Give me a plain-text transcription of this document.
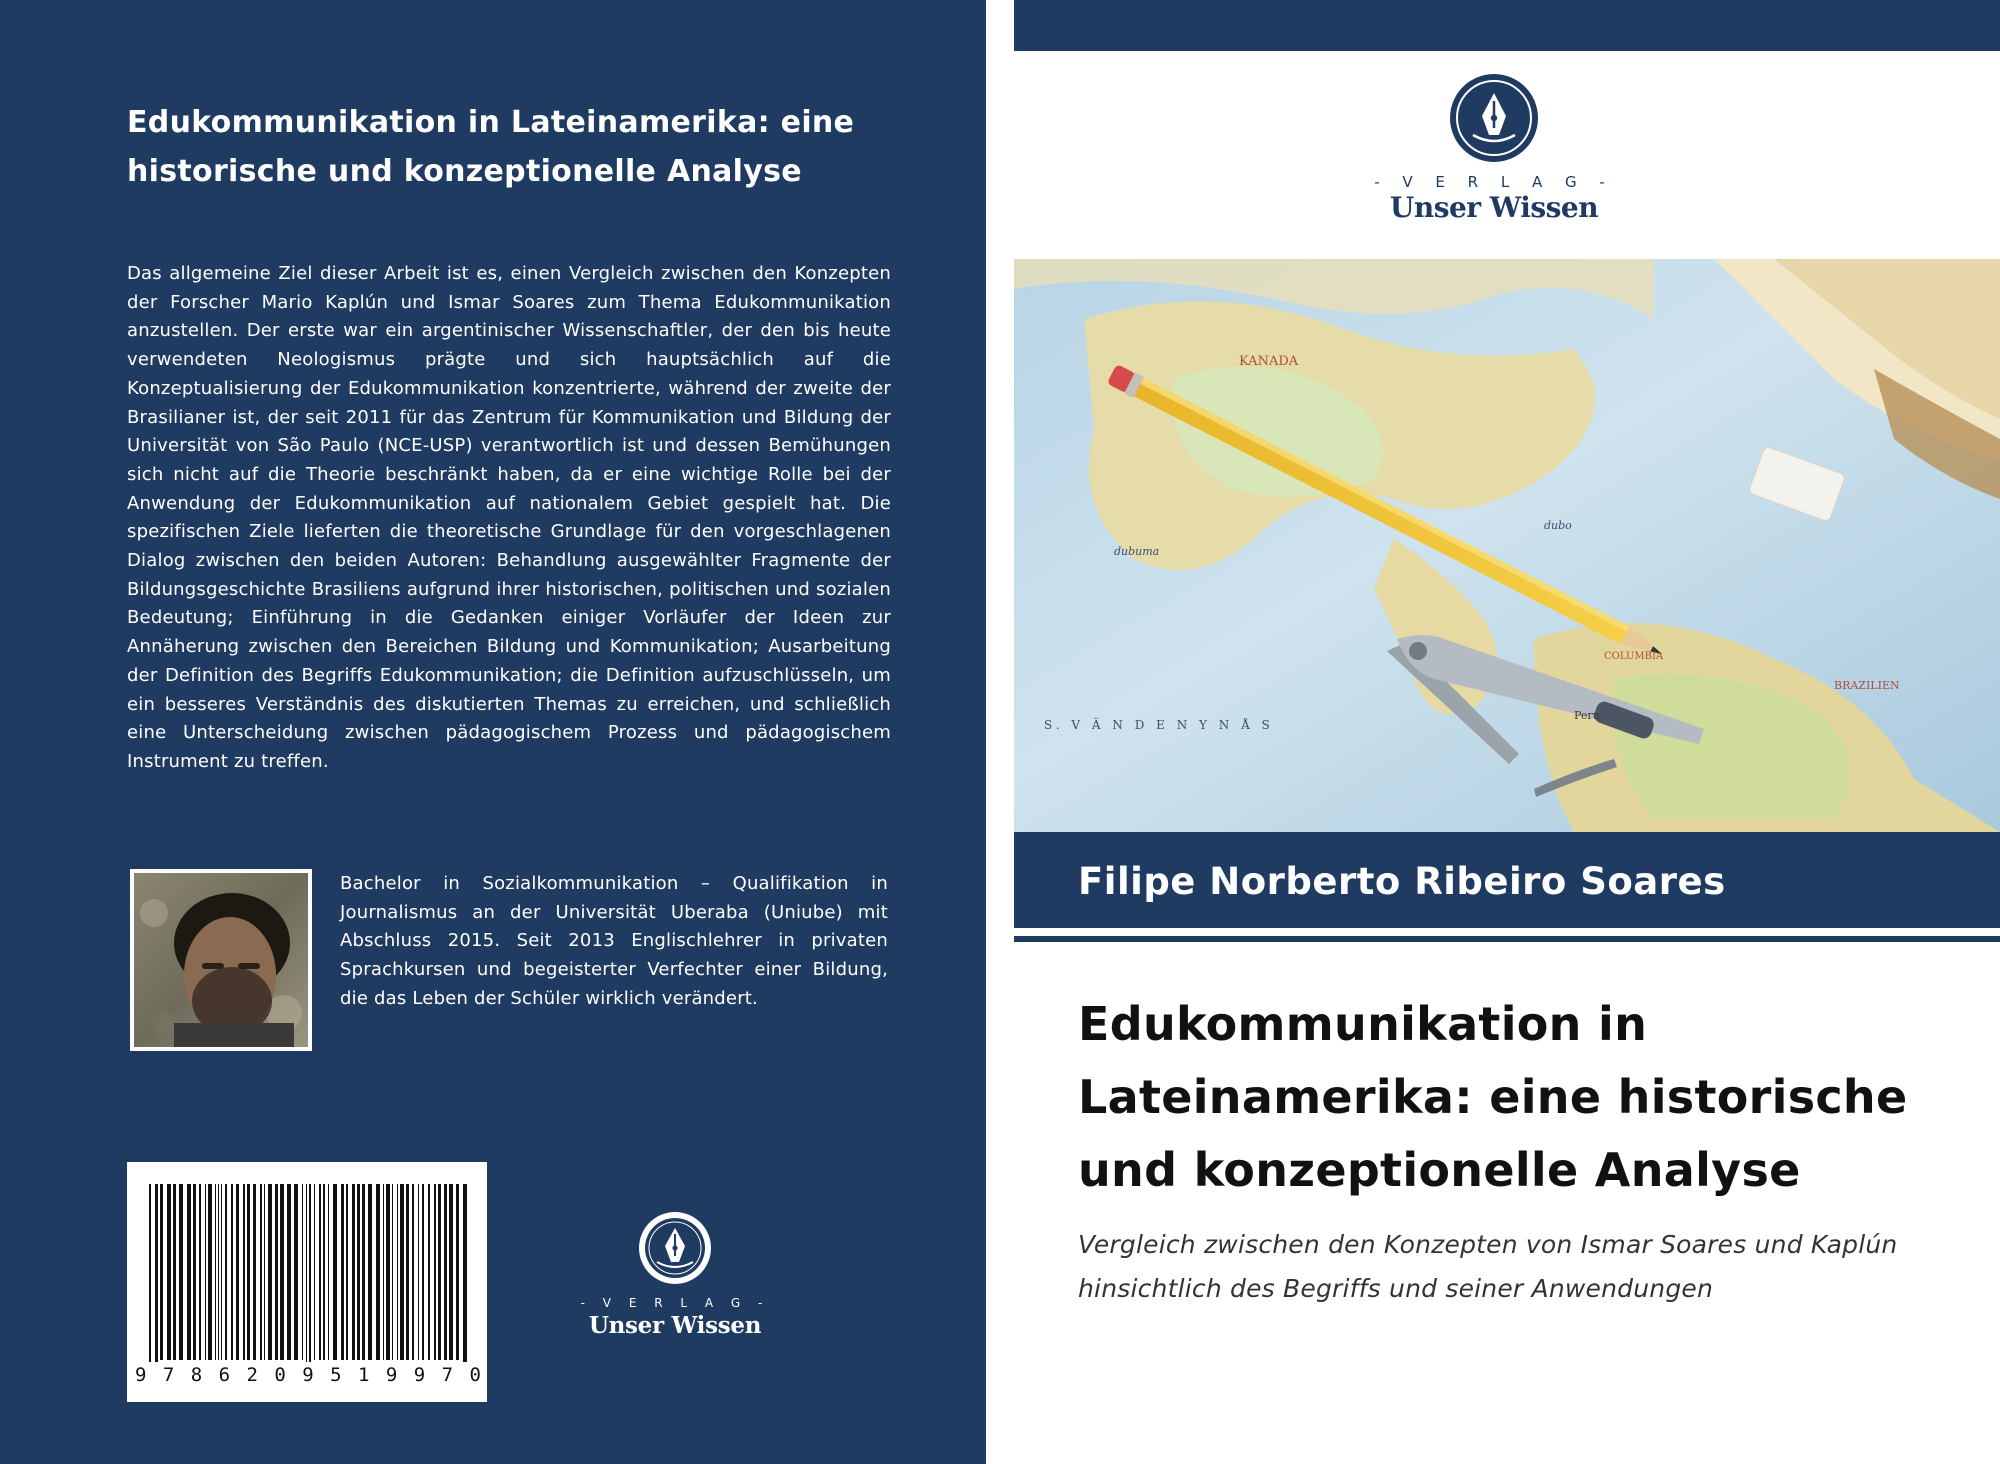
Edukommunikation in Lateinamerika: eine historische und konzeptionelle Analyse

Das allgemeine Ziel dieser Arbeit ist es, einen Vergleich zwischen den Konzepten der Forscher Mario Kaplún und Ismar Soares zum Thema Edukommunikation anzustellen. Der erste war ein argentinischer Wissenschaftler, der den bis heute verwendeten Neologismus prägte und sich hauptsächlich auf die Konzeptualisierung der Edukommunikation konzentrierte, während der zweite der Brasilianer ist, der seit 2011 für das Zentrum für Kommunikation und Bildung der Universität von São Paulo (NCE-USP) verantwortlich ist und dessen Bemühungen sich nicht auf die Theorie beschränkt haben, da er eine wichtige Rolle bei der Anwendung der Edukommunikation auf nationalem Gebiet gespielt hat. Die spezifischen Ziele lieferten die theoretische Grundlage für den vorgeschlagenen Dialog zwischen den beiden Autoren: Behandlung ausgewählter Fragmente der Bildungsgeschichte Brasiliens aufgrund ihrer historischen, politischen und sozialen Bedeutung; Einführung in die Gedanken einiger Vorläufer der Ideen zur Annäherung zwischen den Bereichen Bildung und Kommunikation; Ausarbeitung der Definition des Begriffs Edukommunikation; die Definition aufzuschlüsseln, um ein besseres Verständnis des diskutierten Themas zu erreichen, und schließlich eine Unterscheidung zwischen pädagogischem Prozess und pädagogischem Instrument zu treffen.

Bachelor in Sozialkommunikation – Qualifikation in Journalismus an der Universität Uberaba (Uniube) mit Abschluss 2015. Seit 2013 Englischlehrer in privaten Sprachkursen und begeisterter Verfechter einer Bildung, die das Leben der Schüler wirklich verändert.

9 7 8 6 2 0 9 5 1 9 9 7 0
- V E R L A G -
Unser Wissen
- V E R L A G -
Unser Wissen
KANADA
dubuma
S. V Ä N D E N Y N Å S
dubo
Peru
BRAZILIEN
COLUMBIA
Filipe Norberto Ribeiro Soares
Edukommunikation in Lateinamerika: eine historische und konzeptionelle Analyse

Vergleich zwischen den Konzepten von Ismar Soares und Kaplún hinsichtlich des Begriffs und seiner Anwendungen
